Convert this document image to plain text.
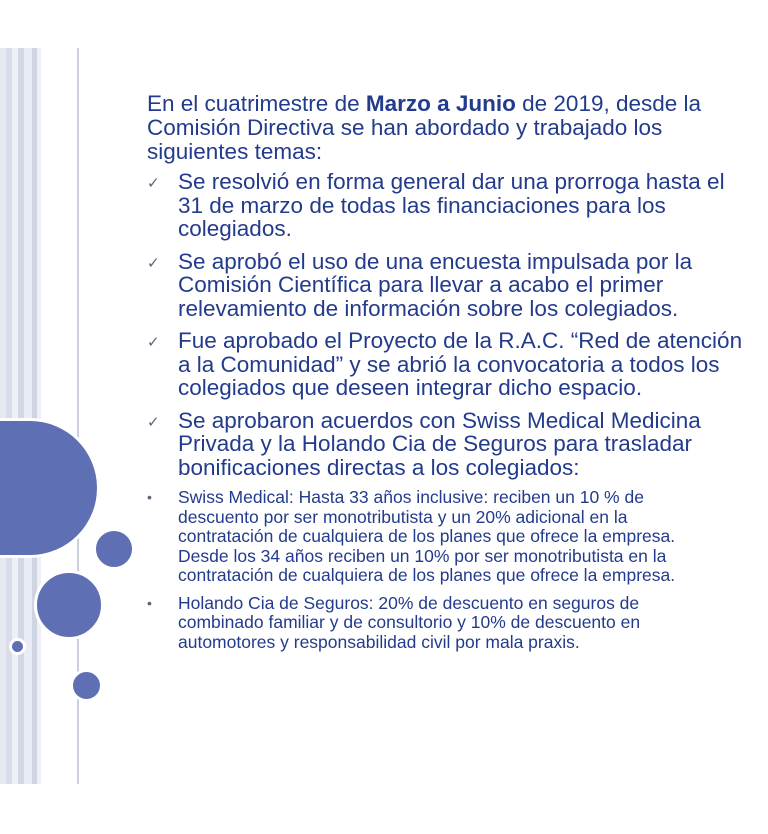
En el cuatrimestre de Marzo a Junio de 2019, desde la
Comisión Directiva se han abordado y trabajado los
siguientes temas:
✓ Se resolvió en forma general dar una prorroga hasta el
31 de marzo de todas las financiaciones para los
colegiados.
✓ Se aprobó el uso de una encuesta impulsada por la
Comisión Científica para llevar a acabo el primer
relevamiento de información sobre los colegiados.
✓ Fue aprobado el Proyecto de la R.A.C. “Red de atención
a la Comunidad” y se abrió la convocatoria a todos los
colegiados que deseen integrar dicho espacio.
✓ Se aprobaron acuerdos con Swiss Medical Medicina
Privada y la Holando Cia de Seguros para trasladar
bonificaciones directas a los colegiados:
• Swiss Medical: Hasta 33 años inclusive: reciben un 10 % de
descuento por ser monotributista y un 20% adicional en la
contratación de cualquiera de los planes que ofrece la empresa.
Desde los 34 años reciben un 10% por ser monotributista en la
contratación de cualquiera de los planes que ofrece la empresa.
• Holando Cia de Seguros: 20% de descuento en seguros de
combinado familiar y de consultorio y 10% de descuento en
automotores y responsabilidad civil por mala praxis.
